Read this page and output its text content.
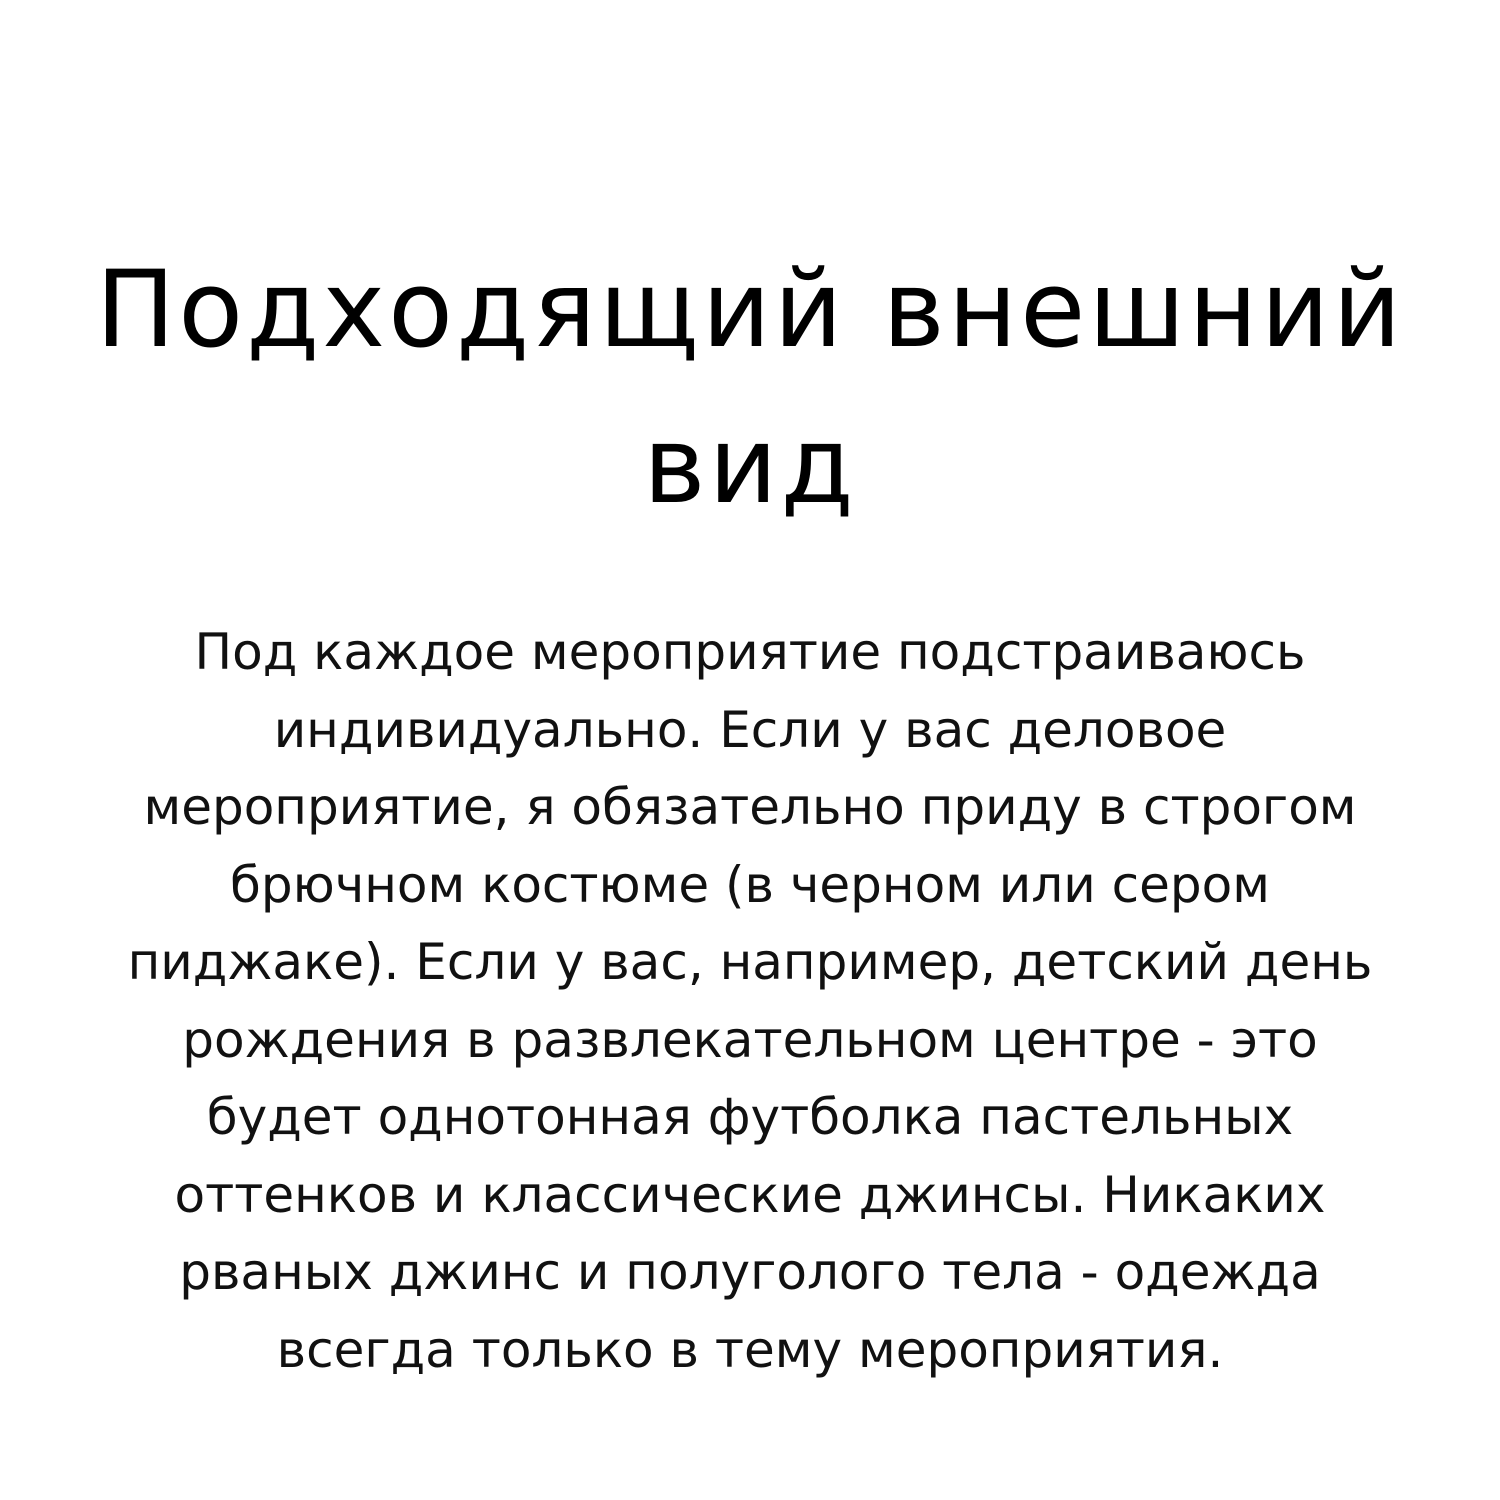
Подходящий внешний
вид

Под каждое мероприятие подстраиваюсь
индивидуально. Если у вас деловое
мероприятие, я обязательно приду в строгом
брючном костюме (в черном или сером
пиджаке). Если у вас, например, детский день
рождения в развлекательном центре - это
будет однотонная футболка пастельных
оттенков и классические джинсы. Никаких
рваных джинс и полуголого тела - одежда
всегда только в тему мероприятия.
